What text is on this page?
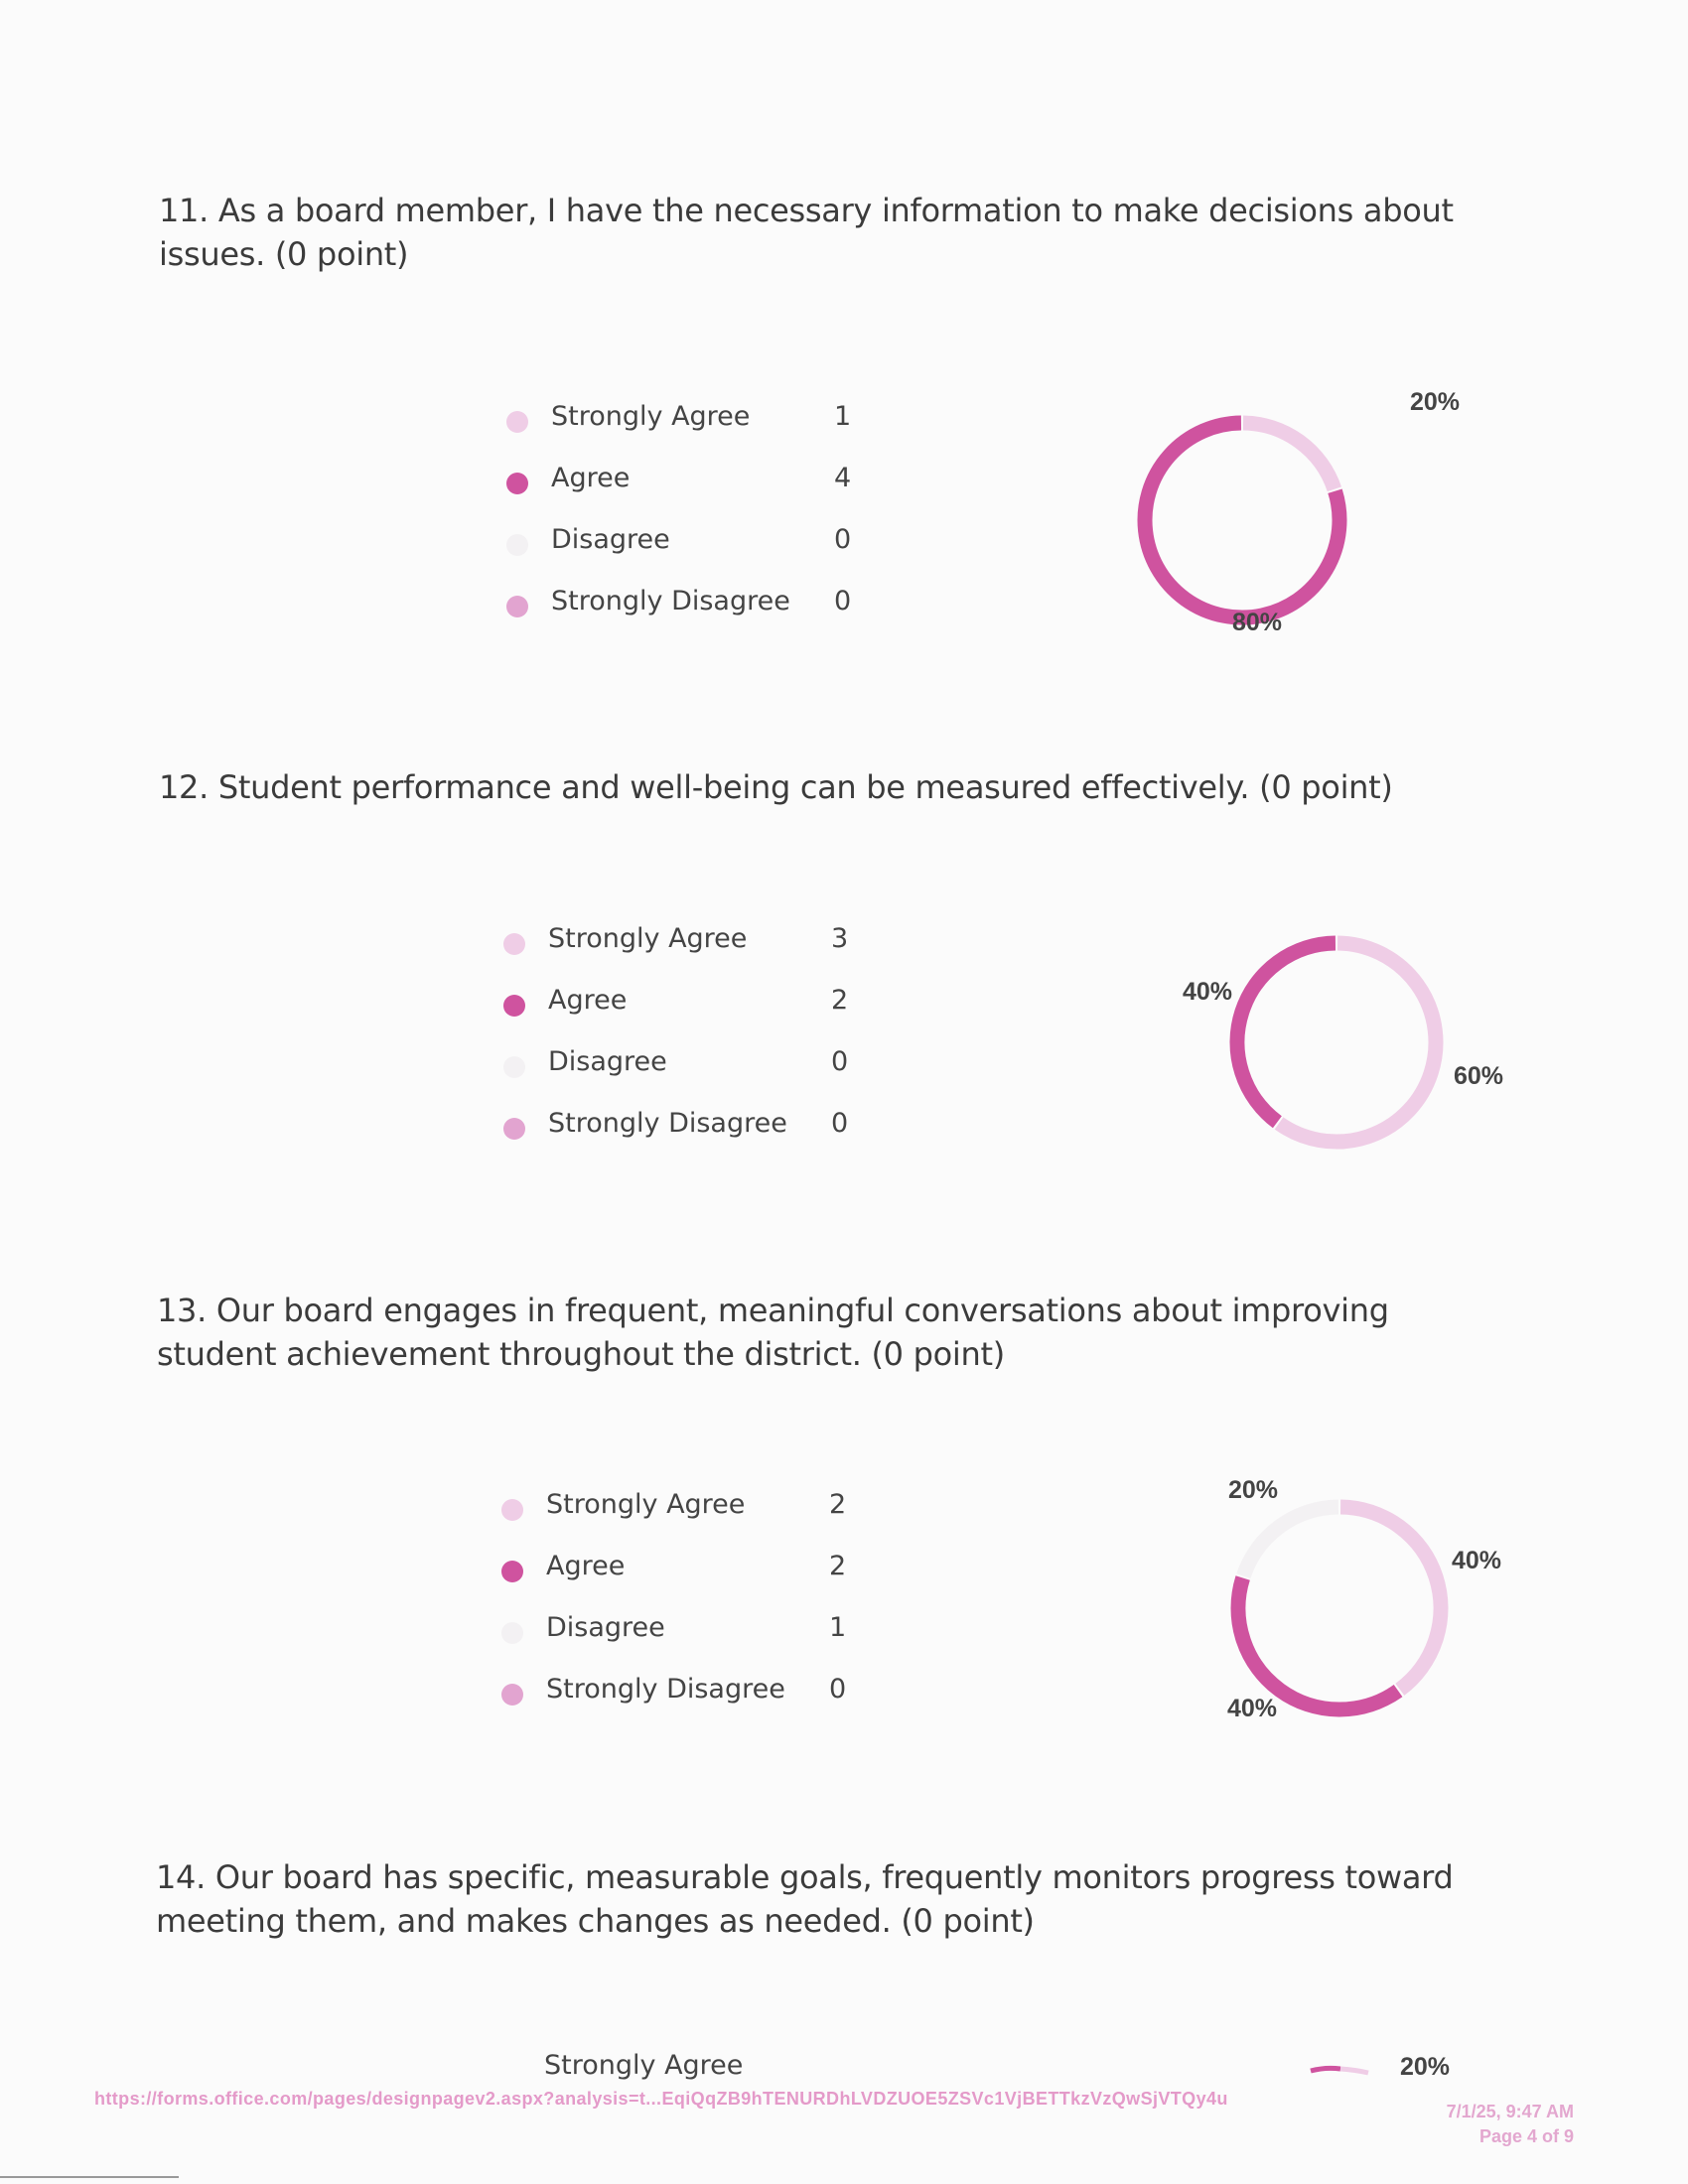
11. As a board member, I have the necessary information to make decisions about issues. (0 point)
Strongly Agree	1
Agree	4
Disagree	0
Strongly Disagree 0
20%
80%
12. Student performance and well-being can be measured effectively. (0 point)
Strongly Agree	3
Agree	2
Disagree	0
Strongly Disagree 0
60%
40%
13. Our board engages in frequent, meaningful conversations about improving student achievement throughout the district. (0 point)
Strongly Agree	2
Agree	2
Disagree	1
Strongly Disagree 0
40%
40%
20%
14. Our board has specific, measurable goals, frequently monitors progress toward meeting them, and makes changes as needed. (0 point)
Strongly Agree	20%
https://forms.office.com/pages/designpagev2.aspx?analysis=t...EqiQqZB9hTENURDhLVDZUOE5ZSVc1VjBETTkzVzQwSjVTQy4u
7/1/25, 9:47 AM
Page 4 of 9
